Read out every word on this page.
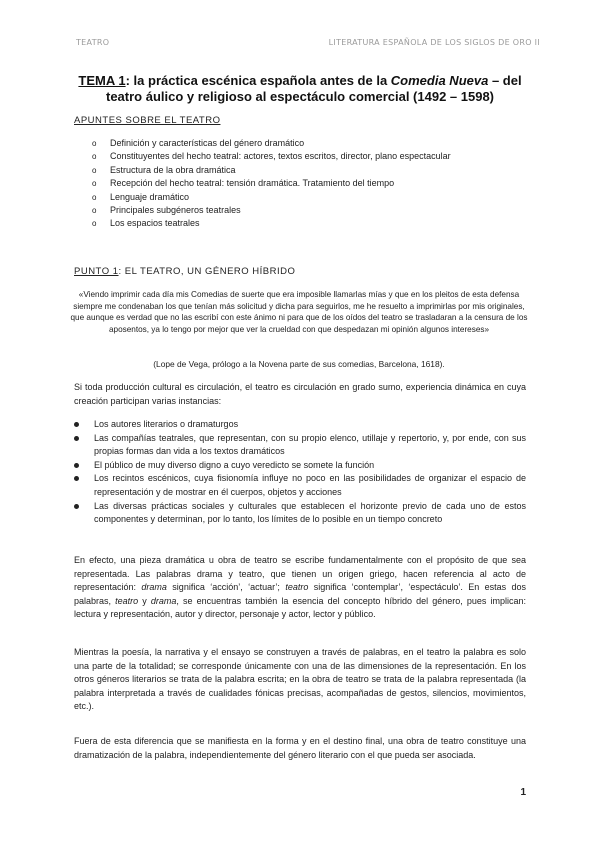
TEATRO	LITERATURA ESPAÑOLA DE LOS SIGLOS DE ORO II
TEMA 1: la práctica escénica española antes de la Comedia Nueva – del teatro áulico y religioso al espectáculo comercial (1492 – 1598)
APUNTES SOBRE EL TEATRO
o Definición y características del género dramático
o Constituyentes del hecho teatral: actores, textos escritos, director, plano espectacular
o Estructura de la obra dramática
o Recepción del hecho teatral: tensión dramática. Tratamiento del tiempo
o Lenguaje dramático
o Principales subgéneros teatrales
o Los espacios teatrales
PUNTO 1: EL TEATRO, UN GÉNERO HÍBRIDO
«Viendo imprimir cada día mis Comedias de suerte que era imposible llamarlas mías y que en los pleitos de esta defensa siempre me condenaban los que tenían más solicitud y dicha para seguirlos, me he resuelto a imprimirlas por mis originales, que aunque es verdad que no las escribí con este ánimo ni para que de los oídos del teatro se trasladaran a la censura de los aposentos, ya lo tengo por mejor que ver la crueldad con que despedazan mi opinión algunos intereses»
(Lope de Vega, prólogo a la Novena parte de sus comedias, Barcelona, 1618).

Si toda producción cultural es circulación, el teatro es circulación en grado sumo, experiencia dinámica en cuya creación participan varias instancias:

Los autores literarios o dramaturgos
Las compañías teatrales, que representan, con su propio elenco, utillaje y repertorio, y, por ende, con sus propias formas dan vida a los textos dramáticos
El público de muy diverso digno a cuyo veredicto se somete la función
Los recintos escénicos, cuya fisionomía influye no poco en las posibilidades de organizar el espacio de representación y de mostrar en él cuerpos, objetos y acciones
Las diversas prácticas sociales y culturales que establecen el horizonte previo de cada uno de estos componentes y determinan, por lo tanto, los límites de lo posible en un tiempo concreto

En efecto, una pieza dramática u obra de teatro se escribe fundamentalmente con el propósito de que sea representada. Las palabras drama y teatro, que tienen un origen griego, hacen referencia al acto de representación: drama significa ‘acción’, ‘actuar’; teatro significa ‘contemplar’, ‘espectáculo’. En estas dos palabras, teatro y drama, se encuentras también la esencia del concepto híbrido del género, pues implican: lectura y representación, autor y director, personaje y actor, lector y público.

Mientras la poesía, la narrativa y el ensayo se construyen a través de palabras, en el teatro la palabra es solo una parte de la totalidad; se corresponde únicamente con una de las dimensiones de la representación. En los otros géneros literarios se trata de la palabra escrita; en la obra de teatro se trata de la palabra representada (la palabra interpretada a través de cualidades fónicas precisas, acompañadas de gestos, silencios, movimientos, etc.).

Fuera de esta diferencia que se manifiesta en la forma y en el destino final, una obra de teatro constituye una dramatización de la palabra, independientemente del género literario con el que pueda ser asociada.

1
